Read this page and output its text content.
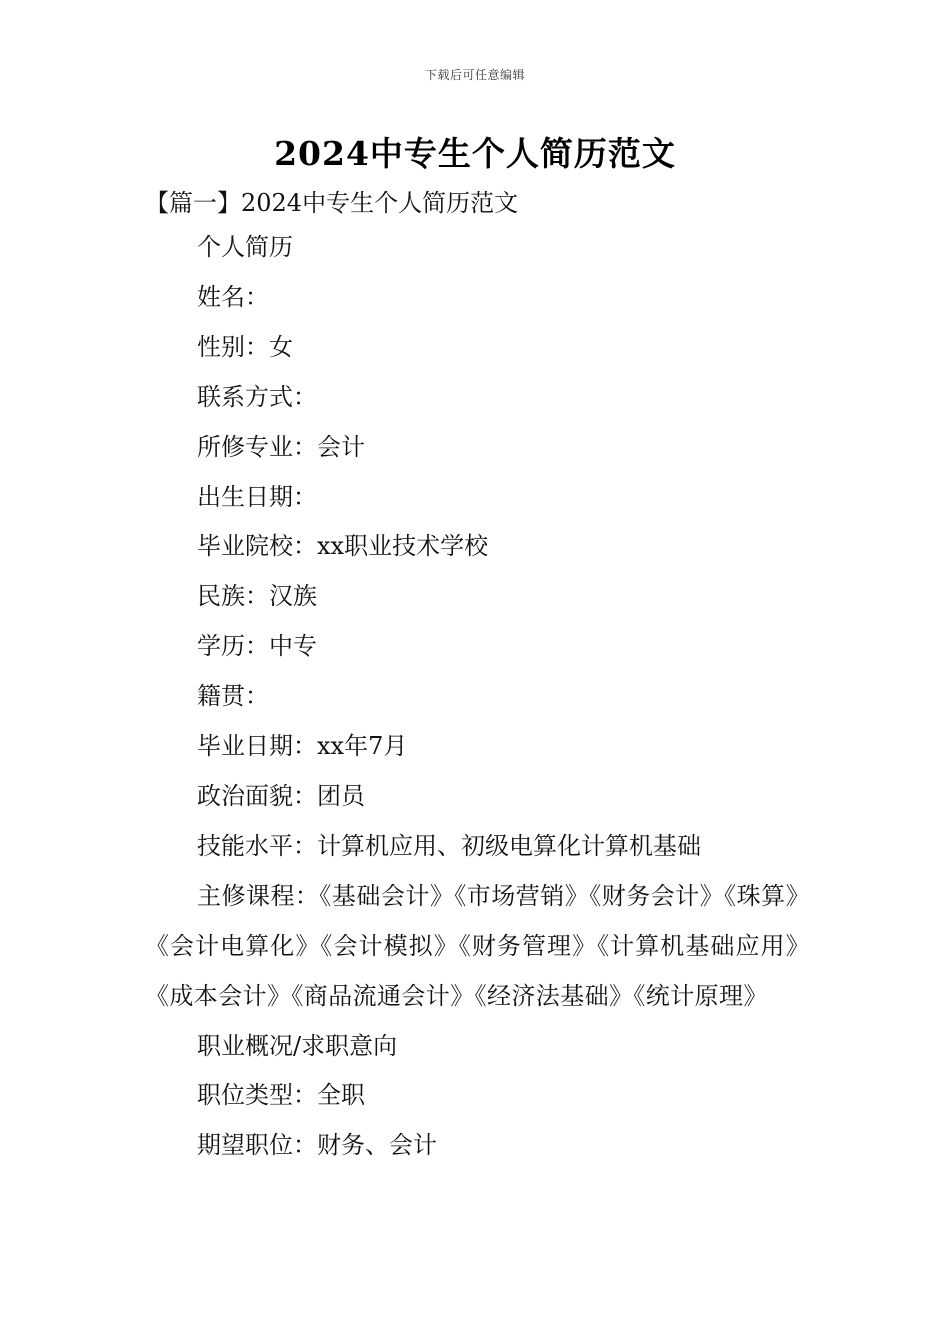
下载后可任意编辑
2024中专生个人简历范文
【篇一】2024中专生个人简历范文
个人简历
姓名：
性别：女
联系方式：
所修专业：会计
出生日期：
毕业院校：xx职业技术学校
民族：汉族
学历：中专
籍贯：
毕业日期：xx年7月
政治面貌：团员
技能水平：计算机应用、初级电算化计算机基础
主修课程：《基础会计》《市场营销》《财务会计》《珠算》《会计电算化》《会计模拟》《财务管理》《计算机基础应用》《成本会计》《商品流通会计》《经济法基础》《统计原理》
职业概况/求职意向
职位类型：全职
期望职位：财务、会计
